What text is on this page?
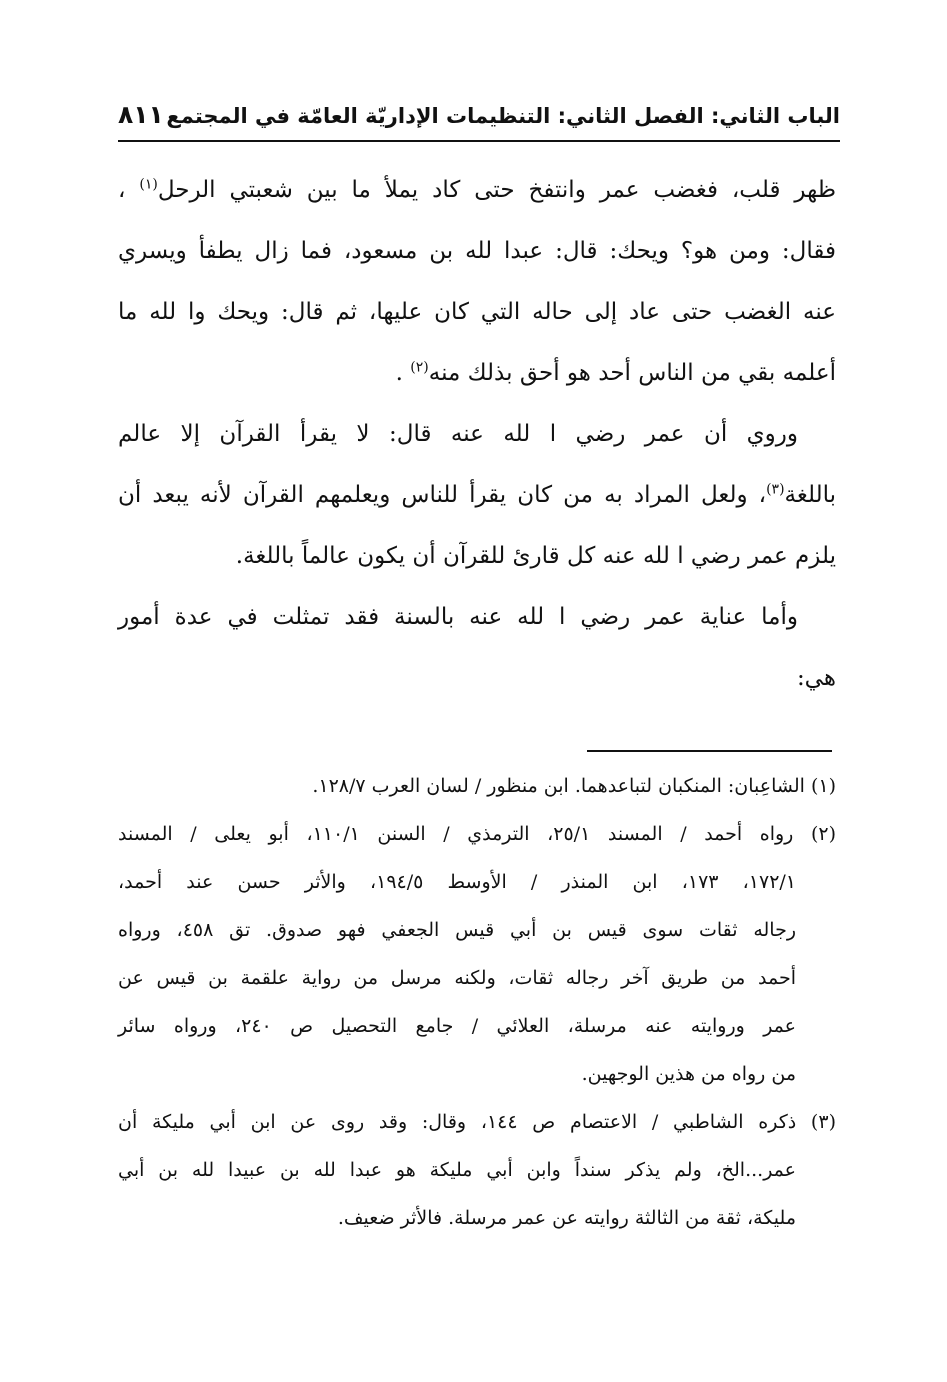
الباب الثاني: الفصل الثاني: التنظيمات الإداريّة العامّة في المجتمع
٨١١
ظهر قلب، فغضب عمر وانتفخ حتى كاد يملأ ما بين شعبتي الرحل$^{(١)}$ ،
فقال: ومن هو؟ ويحك: قال: عبدا لله بن مسعود، فما زال يطفأ ويسري
عنه الغضب حتى عاد إلى حاله التي كان عليها، ثم قال: ويحك وا لله ما
أعلمه بقي من الناس أحد هو أحق بذلك منه$^{(٢)}$ .
وروي أن عمر رضي ا لله عنه قال: لا يقرأ القرآن إلا عالم
باللغة$^{(٣)}$، ولعل المراد به من كان يقرأ للناس ويعلمهم القرآن لأنه يبعد أن
يلزم عمر رضي ا لله عنه كل قارئ للقرآن أن يكون عالماً باللغة.
وأما عناية عمر رضي ا لله عنه بالسنة فقد تمثلت في عدة أمور
هي:
(١) الشاعِبان: المنكبان لتباعدهما. ابن منظور / لسان العرب ١٢٨/٧.
(٢) رواه أحمد / المسند ٢٥/١، الترمذي / السنن ١١٠/١، أبو يعلى / المسند
١٧٢/١، ١٧٣، ابن المنذر / الأوسط ١٩٤/٥، والأثر حسن عند أحمد،
رجاله ثقات سوى قيس بن أبي قيس الجعفي فهو صدوق. تق ٤٥٨، ورواه
أحمد من طريق آخر رجاله ثقات، ولكنه مرسل من رواية علقمة بن قيس عن
عمر وروايته عنه مرسلة، العلائي / جامع التحصيل ص ٢٤٠، ورواه سائر
من رواه من هذين الوجهين.
(٣) ذكره الشاطبي / الاعتصام ص ١٤٤، وقال: وقد روى عن ابن أبي مليكة أن
عمر...الخ، ولم يذكر سنداً وابن أبي مليكة هو عبدا لله بن عبيدا لله بن أبي
مليكة، ثقة من الثالثة روايته عن عمر مرسلة. فالأثر ضعيف.
